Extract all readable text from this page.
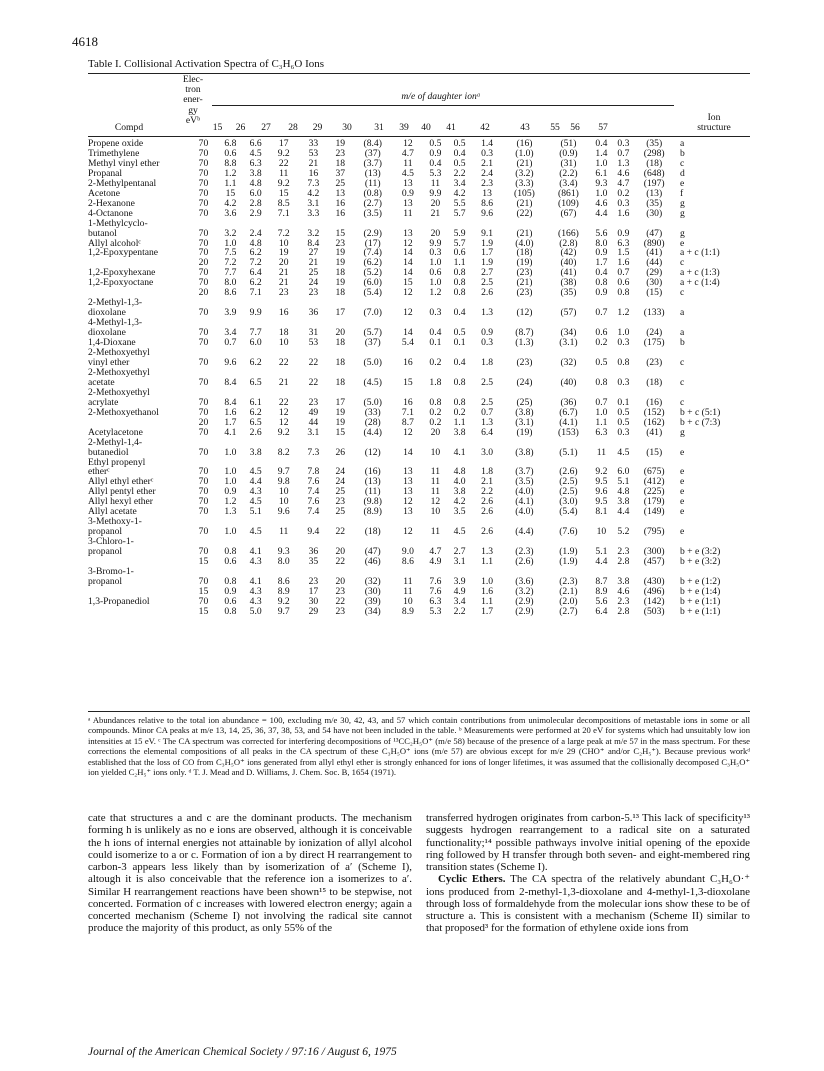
4618
Table I. Collisional Activation Spectra of C₃H₆O Ions
Compd
Elec-
tron
ener-
gy
eVᵇ
m/e of daughter ionᵃ
15	26	27	28	29	30	31	39	40	41	42	43	55	56	57
Ion
structure
Propene oxide	70	6.8	6.6	17	33	19	(8.4)	12	0.5	0.5	1.4	(16)	(51)	0.4	0.3	(35)	a
Trimethylene	70	0.6	4.5	9.2	53	23	(37)	4.7	0.9	0.4	0.3	(1.0)	(0.9)	1.4	0.7	(298)	b
Methyl vinyl ether	70	8.8	6.3	22	21	18	(3.7)	11	0.4	0.5	2.1	(21)	(31)	1.0	1.3	(18)	c
Propanal	70	1.2	3.8	11	16	37	(13)	4.5	5.3	2.2	2.4	(3.2)	(2.2)	6.1	4.6	(648)	d
2-Methylpentanal	70	1.1	4.8	9.2	7.3	25	(11)	13	11	3.4	2.3	(3.3)	(3.4)	9.3	4.7	(197)	e
Acetone	70	15	6.0	15	4.2	13	(0.8)	0.9	9.9	4.2	13	(105)	(861)	1.0	0.2	(13)	f
2-Hexanone	70	4.2	2.8	8.5	3.1	16	(2.7)	13	20	5.5	8.6	(21)	(109)	4.6	0.3	(35)	g
4-Octanone	70	3.6	2.9	7.1	3.3	16	(3.5)	11	21	5.7	9.6	(22)	(67)	4.4	1.6	(30)	g
1-Methylcyclo-																	
butanol	70	3.2	2.4	7.2	3.2	15	(2.9)	13	20	5.9	9.1	(21)	(166)	5.6	0.9	(47)	g
Allyl alcoholᶜ	70	1.0	4.8	10	8.4	23	(17)	12	9.9	5.7	1.9	(4.0)	(2.8)	8.0	6.3	(890)	e
1,2-Epoxypentane	70	7.5	6.2	19	27	19	(7.4)	14	0.3	0.6	1.7	(18)	(42)	0.9	1.5	(41)	a + c (1:1)
	20	7.2	7.2	20	21	19	(6.2)	14	1.0	1.1	1.9	(19)	(40)	1.7	1.6	(44)	c
1,2-Epoxyhexane	70	7.7	6.4	21	25	18	(5.2)	14	0.6	0.8	2.7	(23)	(41)	0.4	0.7	(29)	a + c (1:3)
1,2-Epoxyoctane	70	8.0	6.2	21	24	19	(6.0)	15	1.0	0.8	2.5	(21)	(38)	0.8	0.6	(30)	a + c (1:4)
	20	8.6	7.1	23	23	18	(5.4)	12	1.2	0.8	2.6	(23)	(35)	0.9	0.8	(15)	c
2-Methyl-1,3-																	
dioxolane	70	3.9	9.9	16	36	17	(7.0)	12	0.3	0.4	1.3	(12)	(57)	0.7	1.2	(133)	a
4-Methyl-1,3-																	
dioxolane	70	3.4	7.7	18	31	20	(5.7)	14	0.4	0.5	0.9	(8.7)	(34)	0.6	1.0	(24)	a
1,4-Dioxane	70	0.7	6.0	10	53	18	(37)	5.4	0.1	0.1	0.3	(1.3)	(3.1)	0.2	0.3	(175)	b
2-Methoxyethyl																	
vinyl ether	70	9.6	6.2	22	22	18	(5.0)	16	0.2	0.4	1.8	(23)	(32)	0.5	0.8	(23)	c
2-Methoxyethyl																	
acetate	70	8.4	6.5	21	22	18	(4.5)	15	1.8	0.8	2.5	(24)	(40)	0.8	0.3	(18)	c
2-Methoxyethyl																	
acrylate	70	8.4	6.1	22	23	17	(5.0)	16	0.8	0.8	2.5	(25)	(36)	0.7	0.1	(16)	c
2-Methoxyethanol	70	1.6	6.2	12	49	19	(33)	7.1	0.2	0.2	0.7	(3.8)	(6.7)	1.0	0.5	(152)	b + c (5:1)
	20	1.7	6.5	12	44	19	(28)	8.7	0.2	1.1	1.3	(3.1)	(4.1)	1.1	0.5	(162)	b + c (7:3)
Acetylacetone	70	4.1	2.6	9.2	3.1	15	(4.4)	12	20	3.8	6.4	(19)	(153)	6.3	0.3	(41)	g
2-Methyl-1,4-																	
butanediol	70	1.0	3.8	8.2	7.3	26	(12)	14	10	4.1	3.0	(3.8)	(5.1)	11	4.5	(15)	e
Ethyl propenyl																	
etherᶜ	70	1.0	4.5	9.7	7.8	24	(16)	13	11	4.8	1.8	(3.7)	(2.6)	9.2	6.0	(675)	e
Allyl ethyl etherᶜ	70	1.0	4.4	9.8	7.6	24	(13)	13	11	4.0	2.1	(3.5)	(2.5)	9.5	5.1	(412)	e
Allyl pentyl ether	70	0.9	4.3	10	7.4	25	(11)	13	11	3.8	2.2	(4.0)	(2.5)	9.6	4.8	(225)	e
Allyl hexyl ether	70	1.2	4.5	10	7.6	23	(9.8)	12	12	4.2	2.6	(4.1)	(3.0)	9.5	3.8	(179)	e
Allyl acetate	70	1.3	5.1	9.6	7.4	25	(8.9)	13	10	3.5	2.6	(4.0)	(5.4)	8.1	4.4	(149)	e
3-Methoxy-1-																	
propanol	70	1.0	4.5	11	9.4	22	(18)	12	11	4.5	2.6	(4.4)	(7.6)	10	5.2	(795)	e
3-Chloro-1-																	
propanol	70	0.8	4.1	9.3	36	20	(47)	9.0	4.7	2.7	1.3	(2.3)	(1.9)	5.1	2.3	(300)	b + e (3:2)
	15	0.6	4.3	8.0	35	22	(46)	8.6	4.9	3.1	1.1	(2.6)	(1.9)	4.4	2.8	(457)	b + e (3:2)
3-Bromo-1-																	
propanol	70	0.8	4.1	8.6	23	20	(32)	11	7.6	3.9	1.0	(3.6)	(2.3)	8.7	3.8	(430)	b + e (1:2)
	15	0.9	4.3	8.9	17	23	(30)	11	7.6	4.9	1.6	(3.2)	(2.1)	8.9	4.6	(496)	b + e (1:4)
1,3-Propanediol	70	0.6	4.3	9.2	30	22	(39)	10	6.3	3.4	1.1	(2.9)	(2.0)	5.6	2.3	(142)	b + e (1:1)
	15	0.8	5.0	9.7	29	23	(34)	8.9	5.3	2.2	1.7	(2.9)	(2.7)	6.4	2.8	(503)	b + e (1:1)
ᵃ Abundances relative to the total ion abundance = 100, excluding m/e 30, 42, 43, and 57 which contain contributions from unimolecular decompositions of metastable ions in some or all compounds. Minor CA peaks at m/e 13, 14, 25, 36, 37, 38, 53, and 54 have not been included in the table. ᵇ Measurements were performed at 20 eV for systems which had unsuitably low ion intensities at 15 eV. ᶜ The CA spectrum was corrected for interfering decompositions of ¹³CC₂H₅O⁺ (m/e 58) because of the presence of a large peak at m/e 57 in the mass spectrum. For these corrections the elemental compositions of all peaks in the CA spectrum of these C₃H₅O⁺ ions (m/e 57) are obvious except for m/e 29 (CHO⁺ and/or C₂H₅⁺). Because previous workᵈ established that the loss of CO from C₃H₅O⁺ ions generated from allyl ethyl ether is strongly enhanced for ions of longer lifetimes, it was assumed that the collisionally decomposed C₃H₅O⁺ ion yielded C₂H₅⁺ ions only. ᵈ T. J. Mead and D. Williams, J. Chem. Soc. B, 1654 (1971).

cate that structures a and c are the dominant products. The mechanism forming h is unlikely as no e ions are observed, although it is conceivable the h ions of internal energies not attainable by ionization of allyl alcohol could isomerize to a or c. Formation of ion a by direct H rearrangement to carbon-3 appears less likely than by isomerization of a′ (Scheme I), altough it is also conceivable that the reference ion a isomerizes to a′. Similar H rearrangement reactions have been shown¹⁵ to be stepwise, not concerted. Formation of c increases with lowered electron energy; again a concerted mechanism (Scheme I) not involving the radical site cannot produce the majority of this product, as only 55% of the

transferred hydrogen originates from carbon-5.¹³ This lack of specificity¹³ suggests hydrogen rearrangement to a radical site on a saturated functionality;¹⁴ possible pathways involve initial opening of the epoxide ring followed by H transfer through both seven- and eight-membered ring transition states (Scheme I).

Cyclic Ethers. The CA spectra of the relatively abundant C₃H₆O·⁺ ions produced from 2-methyl-1,3-dioxolane and 4-methyl-1,3-dioxolane through loss of formaldehyde from the molecular ions show these to be of structure a. This is consistent with a mechanism (Scheme II) similar to that proposed³ for the formation of ethylene oxide ions from

Journal of the American Chemical Society / 97:16 / August 6, 1975
